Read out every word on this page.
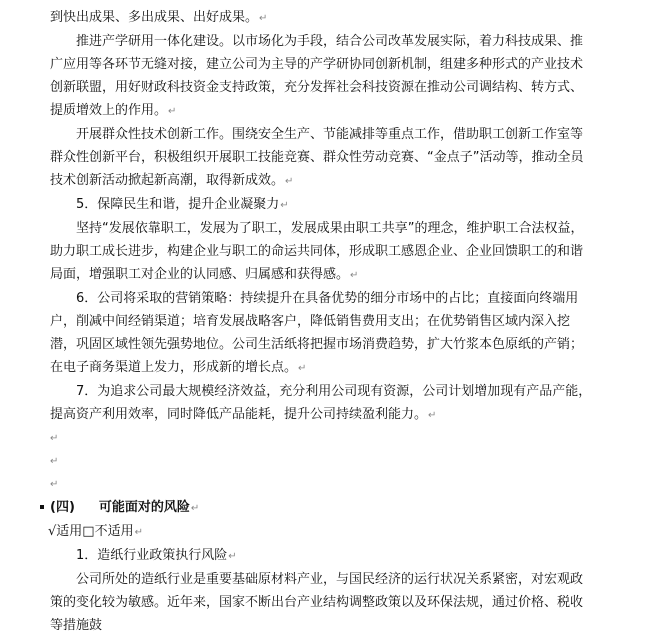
到快出成果、多出成果、出好成果。↵

推进产学研用一体化建设。以市场化为手段，结合公司改革发展实际，着力科技成果、推广应用等各环节无缝对接，建立公司为主导的产学研协同创新机制，组建多种形式的产业技术创新联盟，用好财政科技资金支持政策，充分发挥社会科技资源在推动公司调结构、转方式、提质增效上的作用。↵

开展群众性技术创新工作。围绕安全生产、节能减排等重点工作，借助职工创新工作室等群众性创新平台，积极组织开展职工技能竞赛、群众性劳动竞赛、“金点子”活动等，推动全员技术创新活动掀起新高潮，取得新成效。↵

5．保障民生和谐，提升企业凝聚力↵

坚持“发展依靠职工，发展为了职工，发展成果由职工共享”的理念，维护职工合法权益，助力职工成长进步，构建企业与职工的命运共同体，形成职工感恩企业、企业回馈职工的和谐局面，增强职工对企业的认同感、归属感和获得感。↵

6．公司将采取的营销策略：持续提升在具备优势的细分市场中的占比；直接面向终端用户，削减中间经销渠道；培育发展战略客户，降低销售费用支出；在优势销售区域内深入挖潜，巩固区域性领先强势地位。公司生活纸将把握市场消费趋势，扩大竹浆本色原纸的产销；在电子商务渠道上发力，形成新的增长点。↵

7．为追求公司最大规模经济效益，充分利用公司现有资源，公司计划增加现有产品产能，提高资产利用效率，同时降低产品能耗，提升公司持续盈利能力。↵

↵
↵
↵

(四) 可能面对的风险↵

√适用□不适用↵

1．造纸行业政策执行风险↵

公司所处的造纸行业是重要基础原材料产业，与国民经济的运行状况关系紧密，对宏观政策的变化较为敏感。近年来，国家不断出台产业结构调整政策以及环保法规，通过价格、税收等措施鼓
